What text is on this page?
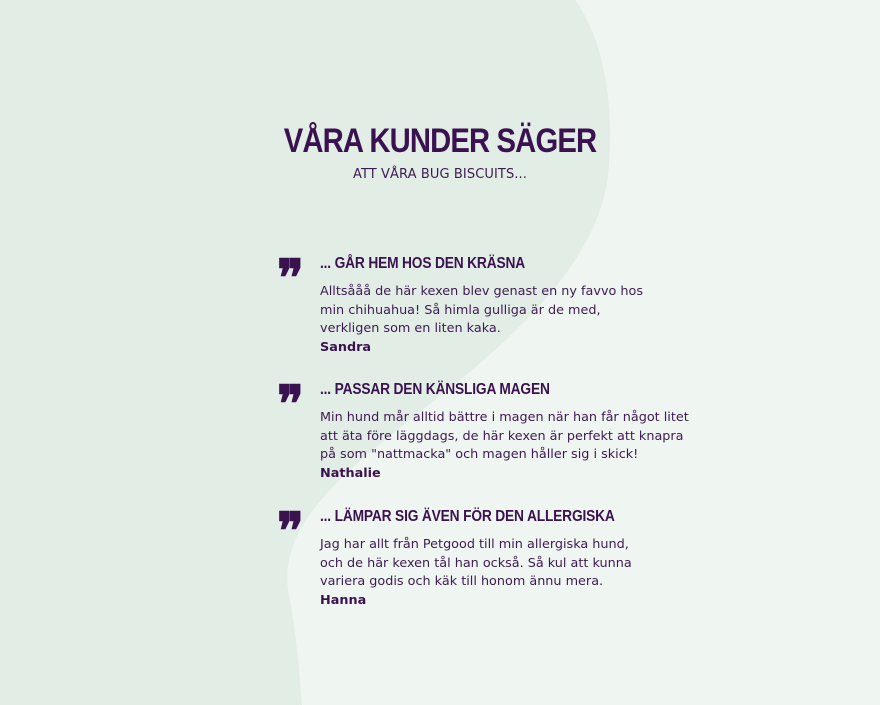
VÅRA KUNDER SÄGER
ATT VÅRA BUG BISCUITS...
❞ ... GÅR HEM HOS DEN KRÄSNA
Alltsååå de här kexen blev genast en ny favvo hos
min chihuahua! Så himla gulliga är de med,
verkligen som en liten kaka.
Sandra
❞ ... PASSAR DEN KÄNSLIGA MAGEN
Min hund mår alltid bättre i magen när han får något litet
att äta före läggdags, de här kexen är perfekt att knapra
på som "nattmacka" och magen håller sig i skick!
Nathalie
❞ ... LÄMPAR SIG ÄVEN FÖR DEN ALLERGISKA
Jag har allt från Petgood till min allergiska hund,
och de här kexen tål han också. Så kul att kunna
variera godis och käk till honom ännu mera.
Hanna
